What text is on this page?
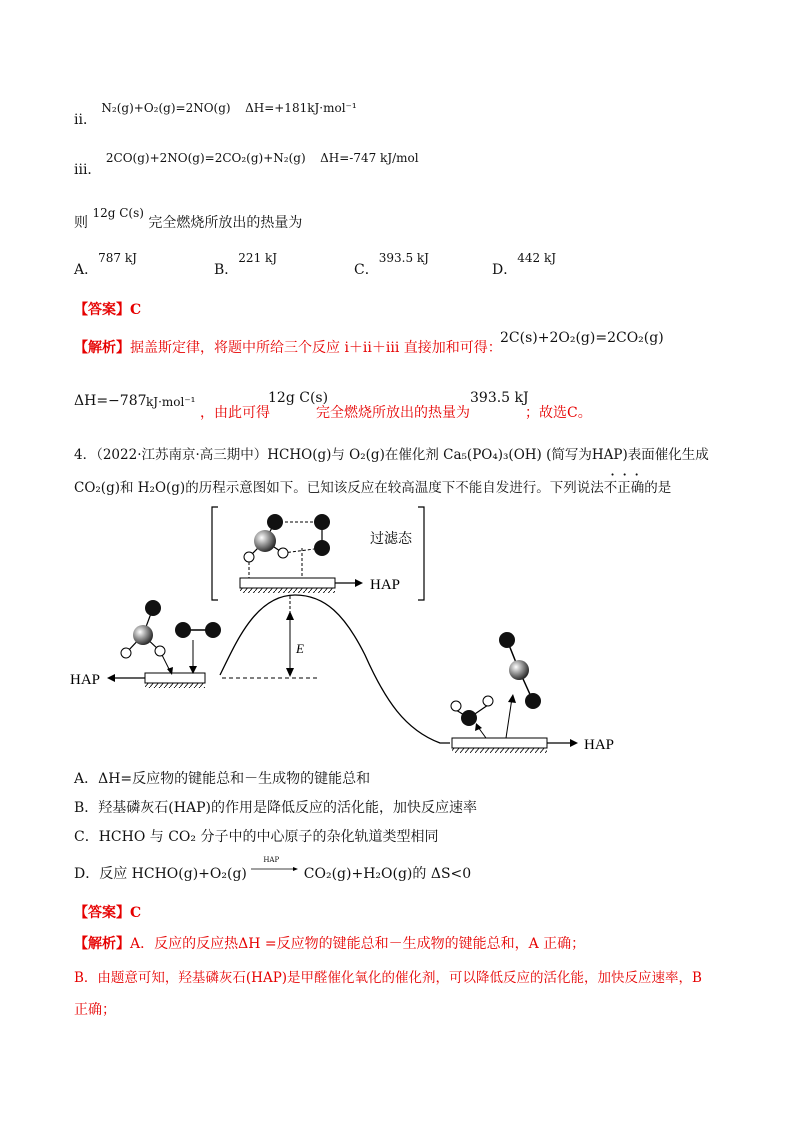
ii． N₂(g)+O₂(g)=2NO(g) ΔH=+181kJ·mol⁻¹
iii． 2CO(g)+2NO(g)=2CO₂(g)+N₂(g) ΔH=-747 kJ/mol
则 12g C(s) 完全燃烧所放出的热量为
A．787 kJ
B．221 kJ
C．393.5 kJ
D．442 kJ
【答案】C
【解析】据盖斯定律，将题中所给三个反应 i＋ii＋iii 直接加和可得：
2C(s)+2O₂(g)=2CO₂(g)
ΔH=−787 kJ·mol⁻¹
，由此可得
12g C(s)
完全燃烧所放出的热量为
393.5 kJ
；故选C。
4．（2022·江苏南京·高三期中）HCHO(g)与 O₂(g)在催化剂 Ca₅(PO₄)₃(OH) (简写为HAP)表面催化生成
···
CO₂(g)和 H₂O(g)的历程示意图如下。已知该反应在较高温度下不能自发进行。下列说法不正确的是
过滤态
HAP
E
HAP
HAP
A．ΔH=反应物的键能总和－生成物的键能总和
B．羟基磷灰石(HAP)的作用是降低反应的活化能，加快反应速率
C．HCHO 与 CO₂ 分子中的中心原子的杂化轨道类型相同
D．反应 HCHO(g)+O₂(g)
HAP
CO₂(g)+H₂O(g)的 ΔS<0
【答案】C
【解析】A．反应的反应热ΔH =反应物的键能总和－生成物的键能总和，A 正确；
B．由题意可知，羟基磷灰石(HAP)是甲醛催化氧化的催化剂，可以降低反应的活化能，加快反应速率，B
正确；
